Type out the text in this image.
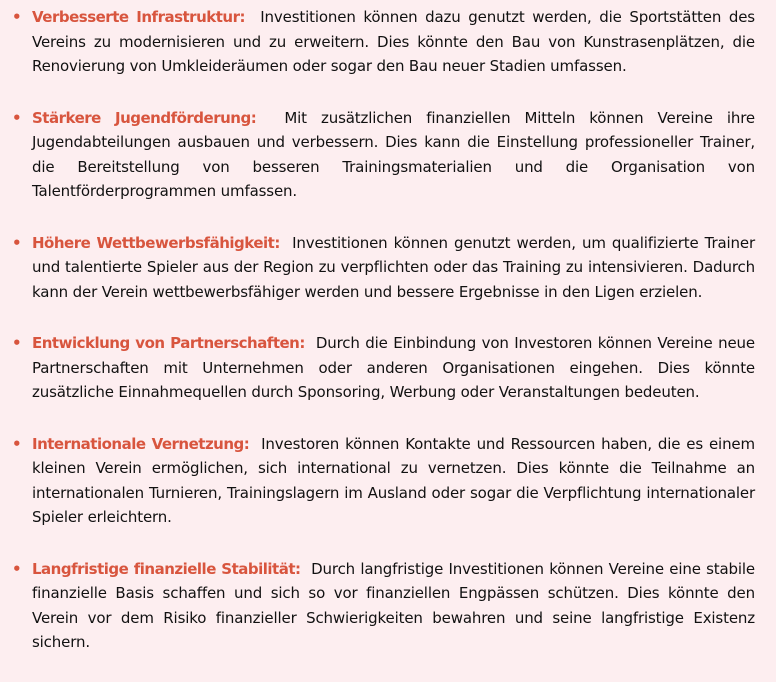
• Verbesserte Infrastruktur: Investitionen können dazu genutzt werden, die Sportstätten des Vereins zu modernisieren und zu erweitern. Dies könnte den Bau von Kunstrasenplätzen, die Renovierung von Umkleideräumen oder sogar den Bau neuer Stadien umfassen.
• Stärkere Jugendförderung: Mit zusätzlichen finanziellen Mitteln können Vereine ihre Jugendabteilungen ausbauen und verbessern. Dies kann die Einstellung professioneller Trainer, die Bereitstellung von besseren Trainingsmaterialien und die Organisation von Talentförderprogrammen umfassen.
• Höhere Wettbewerbsfähigkeit: Investitionen können genutzt werden, um qualifizierte Trainer und talentierte Spieler aus der Region zu verpflichten oder das Training zu intensivieren. Dadurch kann der Verein wettbewerbsfähiger werden und bessere Ergebnisse in den Ligen erzielen.
• Entwicklung von Partnerschaften: Durch die Einbindung von Investoren können Vereine neue Partnerschaften mit Unternehmen oder anderen Organisationen eingehen. Dies könnte zusätzliche Einnahmequellen durch Sponsoring, Werbung oder Veranstaltungen bedeuten.
• Internationale Vernetzung: Investoren können Kontakte und Ressourcen haben, die es einem kleinen Verein ermöglichen, sich international zu vernetzen. Dies könnte die Teilnahme an internationalen Turnieren, Trainingslagern im Ausland oder sogar die Verpflichtung internationaler Spieler erleichtern.
• Langfristige finanzielle Stabilität: Durch langfristige Investitionen können Vereine eine stabile finanzielle Basis schaffen und sich so vor finanziellen Engpässen schützen. Dies könnte den Verein vor dem Risiko finanzieller Schwierigkeiten bewahren und seine langfristige Existenz sichern.
